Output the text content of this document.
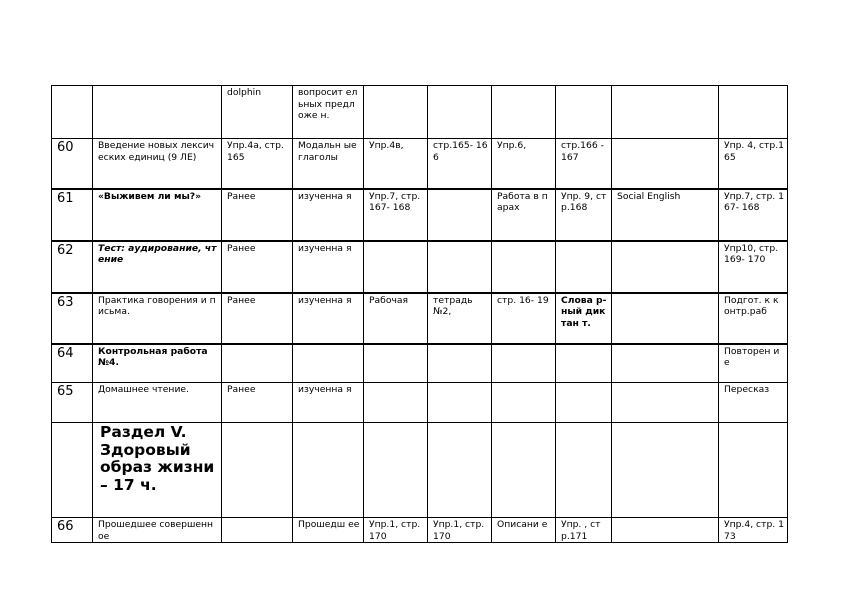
		dolphin	вопросит ельных предложе н.						
60	Введение новых лексических единиц (9 ЛЕ)	Упр.4а, стр.165	Модальн ые глаголы	Упр.4в,	стр.165- 166	Упр.6,	стр.166 -167		Упр. 4, стр.165
61	«Выживем ли мы?»	Ранее	изученна я	Упр.7, стр. 167- 168		Работа в парах	Упр. 9, стр.168	Social English	Упр.7, стр. 167- 168
62	Тест: аудирование, чтение	Ранее	изученна я						Упр10, стр. 169- 170
63	Практика говорения и письма.	Ранее	изученна я	Рабочая	тетрадь №2,	стр. 16- 19	Слова р- ный диктан т.		Подгот. к контр.раб
64	Контрольная работа №4.								Повторен ие
65	Домашнее чтение.	Ранее	изученна я						Пересказ
	Раздел V. Здоровый образ жизни – 17 ч.								
66	Прошедшее совершенное		Прошедш ее	Упр.1, стр. 170	Упр.1, стр. 170	Описани е	Упр. , стр.171		Упр.4, стр. 173
